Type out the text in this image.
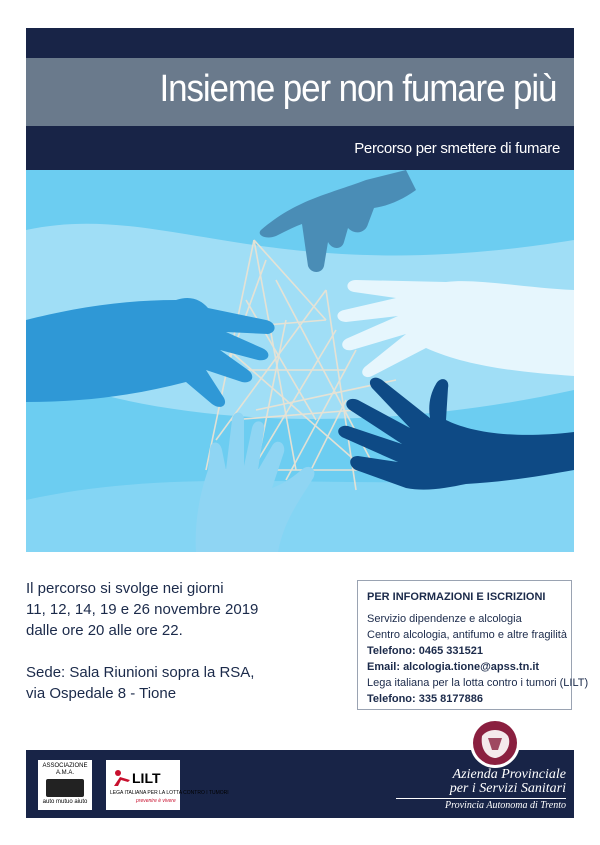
Insieme per non fumare più
Percorso per smettere di fumare
Il percorso si svolge nei giorni
11, 12, 14, 19 e 26 novembre 2019
dalle ore 20 alle ore 22.
Sede: Sala Riunioni sopra la RSA,
via Ospedale 8 - Tione
PER INFORMAZIONI E ISCRIZIONI
Servizio dipendenze e alcologia
Centro alcologia, antifumo e altre fragilità
Telefono: 0465 331521
Email: alcologia.tione@apss.tn.it
Lega italiana per la lotta contro i tumori (LILT)
Telefono: 335 8177886
ASSOCIAZIONE
A.M.A.
auto mutuo aiuto
LILT
LEGA ITALIANA PER LA LOTTA CONTRO I TUMORI
prevenire è vivere
Azienda Provinciale
per i Servizi Sanitari
Provincia Autonoma di Trento
